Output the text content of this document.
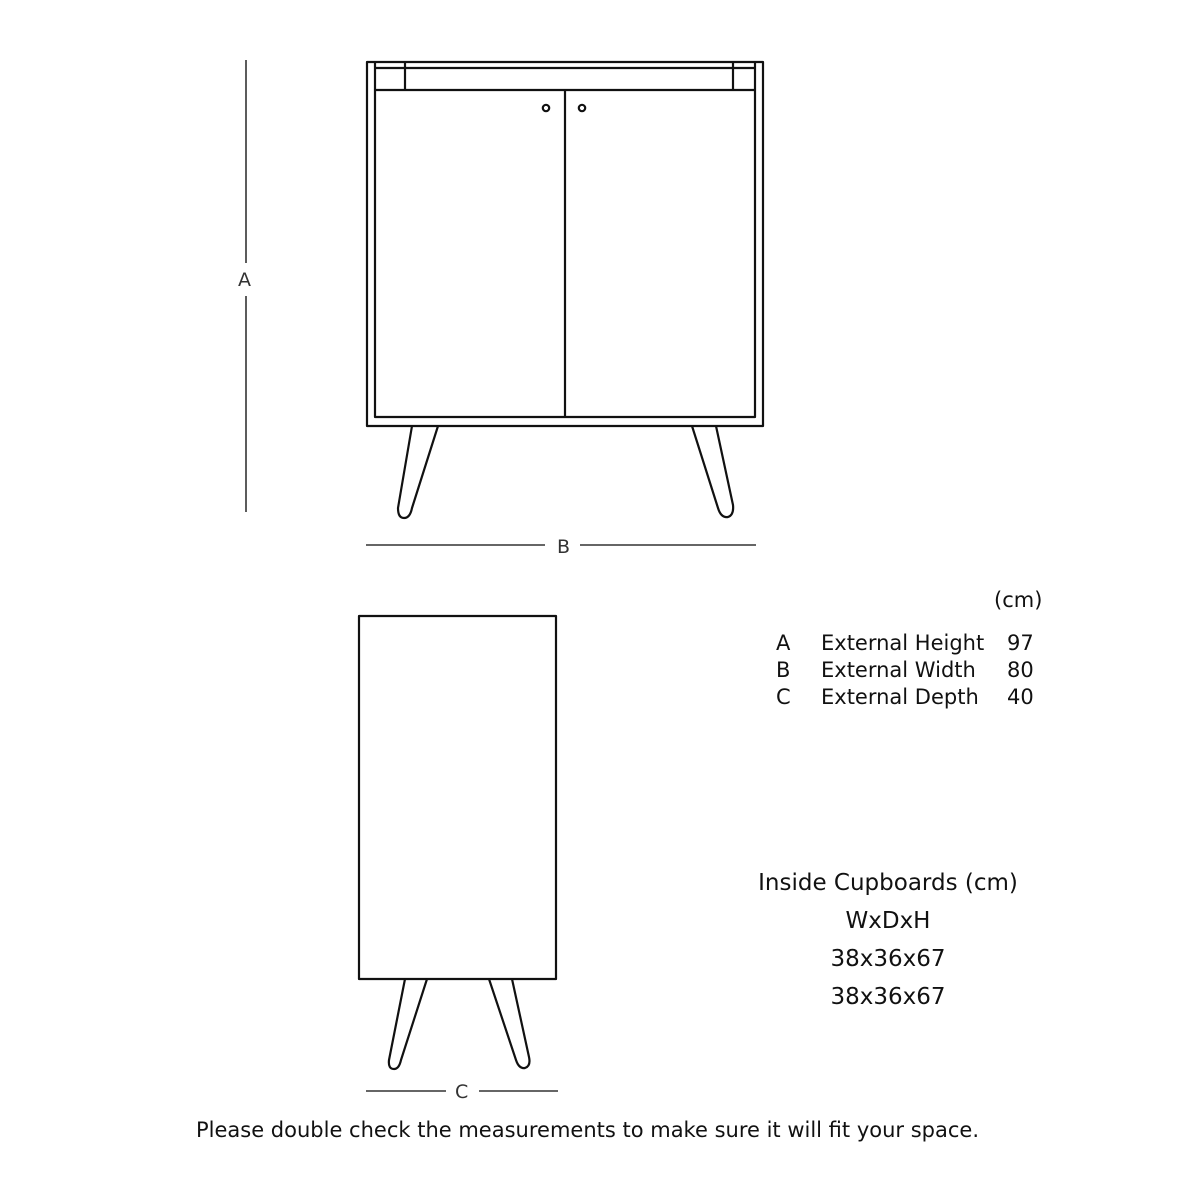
A
B
C
(cm)
A	External Height	97
B	External Width	80
C	External Depth	40
Inside Cupboards (cm)
WxDxH
38x36x67
38x36x67
Please double check the measurements to make sure it will fit your space.
